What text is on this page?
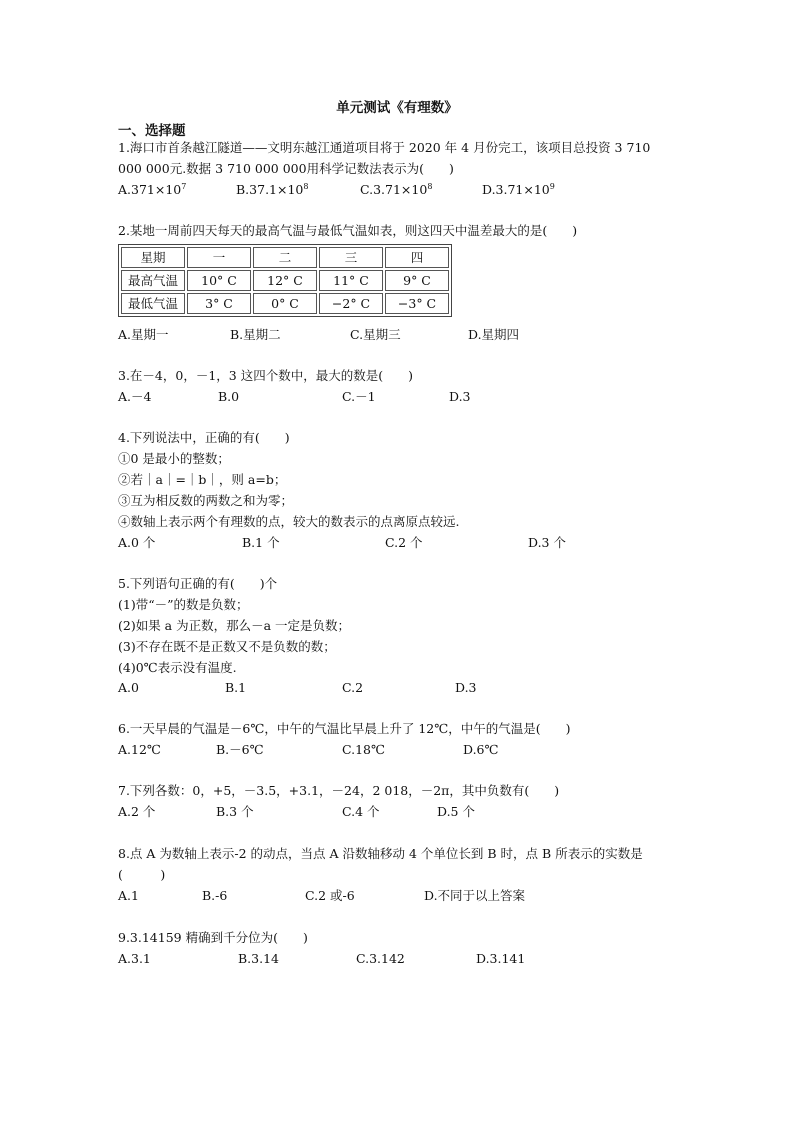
单元测试《有理数》
一、选择题
1.海口市首条越江隧道——文明东越江通道项目将于 2020 年 4 月份完工，该项目总投资 3 710
000 000元.数据 3 710 000 000用科学记数法表示为(　　)
$A.371\times 10^7$	$B.37.1\times 10^8$	$C.3.71\times 10^8$	$D.3.71\times 10^9$
2.某地一周前四天每天的最高气温与最低气温如表，则这四天中温差最大的是(　　)
星期	一	二	三	四
最高气温	10° C	12° C	11° C	9° C
最低气温	3° C	0° C	−2° C	−3° C
A.星期一	B.星期二	C.星期三	D.星期四
3.在－4，0，－1，3 这四个数中，最大的数是(　　)
A.－4	B.0	C.－1	D.3
4.下列说法中，正确的有(　　)
①0 是最小的整数；
②若｜a｜=｜b｜，则 a=b；
③互为相反数的两数之和为零；
④数轴上表示两个有理数的点，较大的数表示的点离原点较远.
A.0 个	B.1 个	C.2 个	D.3 个
5.下列语句正确的有(　　)个
(1)带“－”的数是负数；
(2)如果 a 为正数，那么－a 一定是负数；
(3)不存在既不是正数又不是负数的数；
(4)0℃表示没有温度.
A.0	B.1	C.2	D.3
6.一天早晨的气温是－6℃，中午的气温比早晨上升了 12℃，中午的气温是(　　)
A.12℃	B.－6℃	C.18℃	D.6℃
7.下列各数：0，+5，－3.5，+3.1，－24，2 018，－2π，其中负数有(　　)
A.2 个	B.3 个	C.4 个	D.5 个
8.点 A 为数轴上表示-2 的动点，当点 A 沿数轴移动 4 个单位长到 B 时，点 B 所表示的实数是
(　　　)
A.1	B.-6	C.2 或-6	D.不同于以上答案
9.3.14159 精确到千分位为(　　)
A.3.1	B.3.14	C.3.142	D.3.141
